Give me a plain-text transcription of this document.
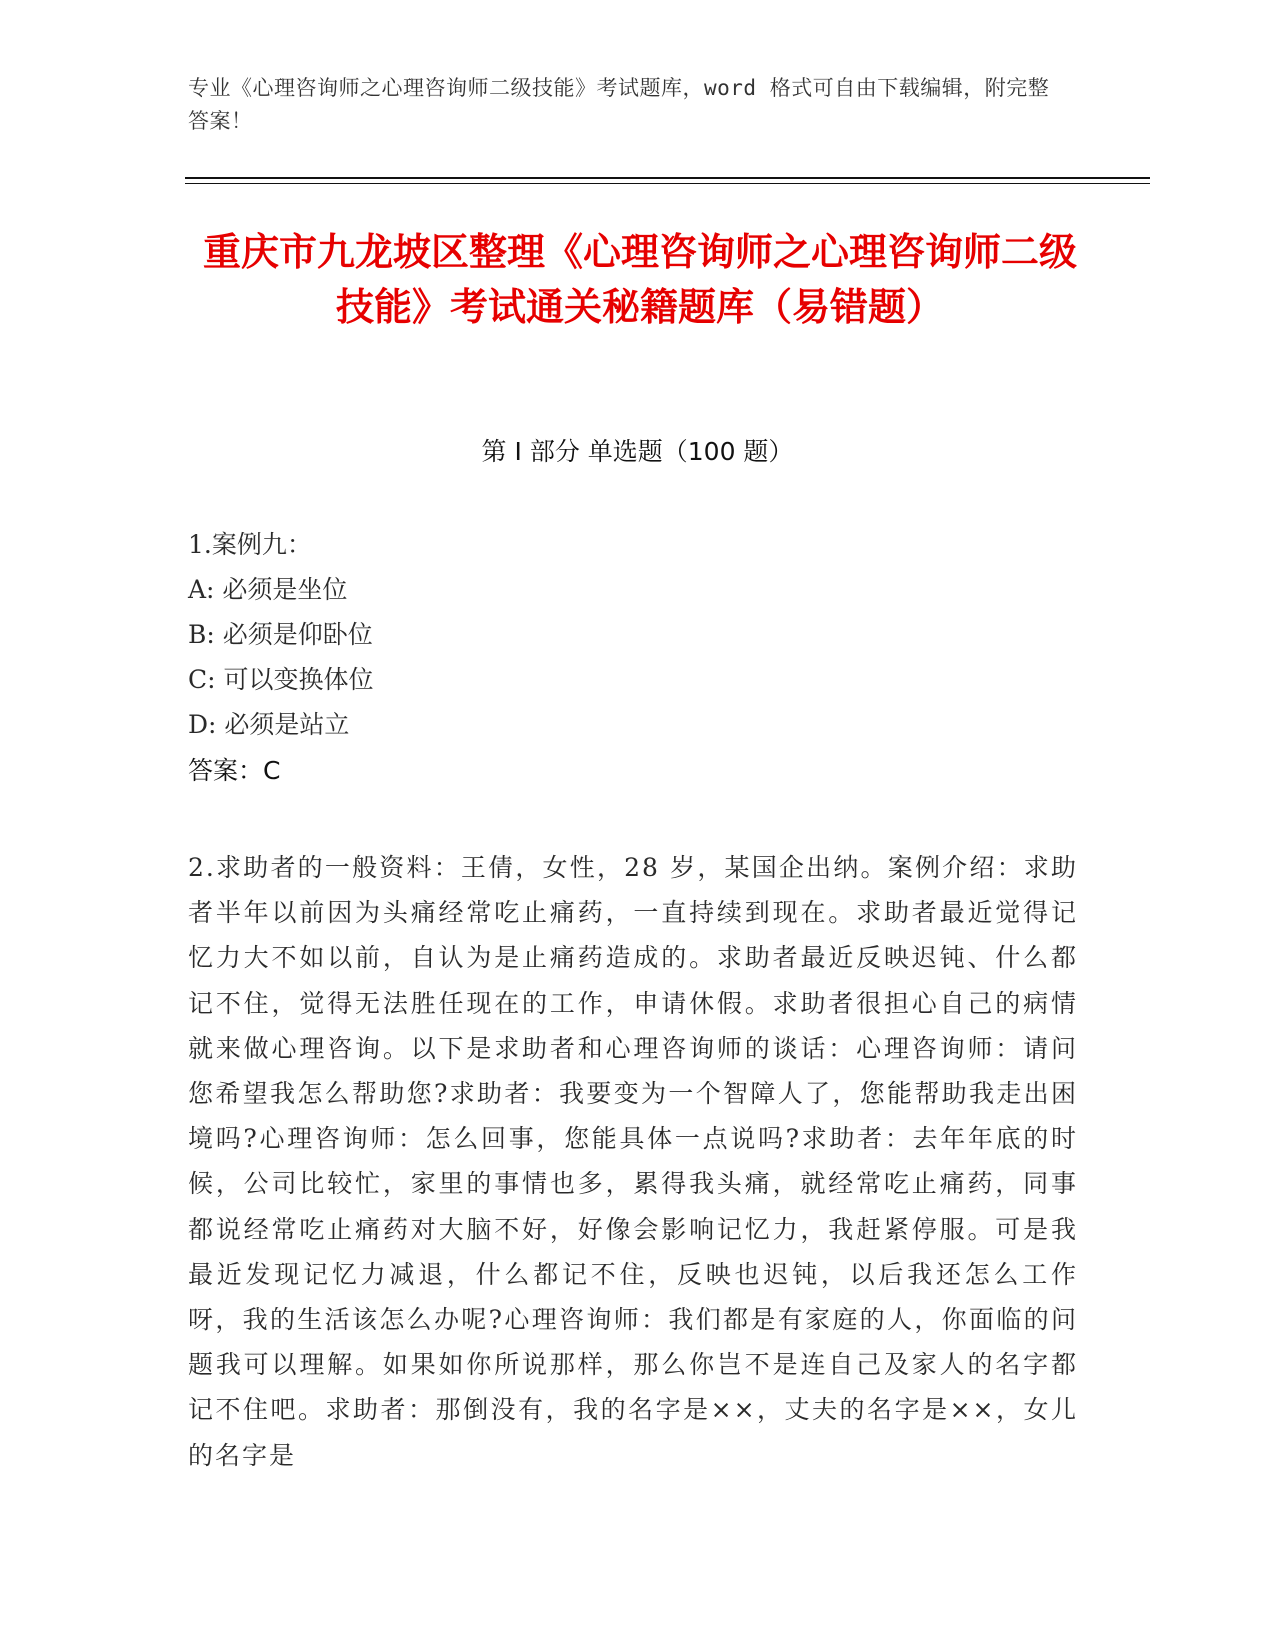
专业《心理咨询师之心理咨询师二级技能》考试题库，word 格式可自由下载编辑，附完整答案！
重庆市九龙坡区整理《心理咨询师之心理咨询师二级技能》考试通关秘籍题库（易错题）
第 I 部分 单选题（100 题）
1.案例九：
A: 必须是坐位
B: 必须是仰卧位
C: 可以变换体位
D: 必须是站立
答案：C
2.求助者的一般资料：王倩，女性，28 岁，某国企出纳。案例介绍：求助者半年以前因为头痛经常吃止痛药，一直持续到现在。求助者最近觉得记忆力大不如以前，自认为是止痛药造成的。求助者最近反映迟钝、什么都记不住，觉得无法胜任现在的工作，申请休假。求助者很担心自己的病情就来做心理咨询。以下是求助者和心理咨询师的谈话：心理咨询师：请问您希望我怎么帮助您?求助者：我要变为一个智障人了，您能帮助我走出困境吗?心理咨询师：怎么回事，您能具体一点说吗?求助者：去年年底的时候，公司比较忙，家里的事情也多，累得我头痛，就经常吃止痛药，同事都说经常吃止痛药对大脑不好，好像会影响记忆力，我赶紧停服。可是我最近发现记忆力减退，什么都记不住，反映也迟钝，以后我还怎么工作呀，我的生活该怎么办呢?心理咨询师：我们都是有家庭的人，你面临的问题我可以理解。如果如你所说那样，那么你岂不是连自己及家人的名字都记不住吧。求助者：那倒没有，我的名字是××，丈夫的名字是××，女儿的名字是
